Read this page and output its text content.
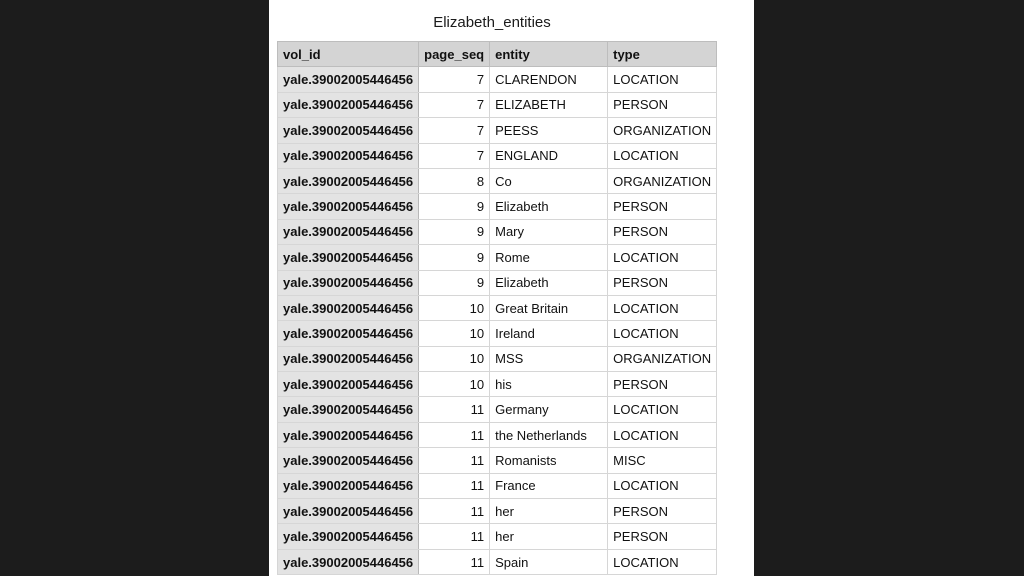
Elizabeth_entities
vol_id	page_seq	entity	type
yale.39002005446456	7	CLARENDON	LOCATION
yale.39002005446456	7	ELIZABETH	PERSON
yale.39002005446456	7	PEESS	ORGANIZATION
yale.39002005446456	7	ENGLAND	LOCATION
yale.39002005446456	8	Co	ORGANIZATION
yale.39002005446456	9	Elizabeth	PERSON
yale.39002005446456	9	Mary	PERSON
yale.39002005446456	9	Rome	LOCATION
yale.39002005446456	9	Elizabeth	PERSON
yale.39002005446456	10	Great Britain	LOCATION
yale.39002005446456	10	Ireland	LOCATION
yale.39002005446456	10	MSS	ORGANIZATION
yale.39002005446456	10	his	PERSON
yale.39002005446456	11	Germany	LOCATION
yale.39002005446456	11	the Netherlands	LOCATION
yale.39002005446456	11	Romanists	MISC
yale.39002005446456	11	France	LOCATION
yale.39002005446456	11	her	PERSON
yale.39002005446456	11	her	PERSON
yale.39002005446456	11	Spain	LOCATION
